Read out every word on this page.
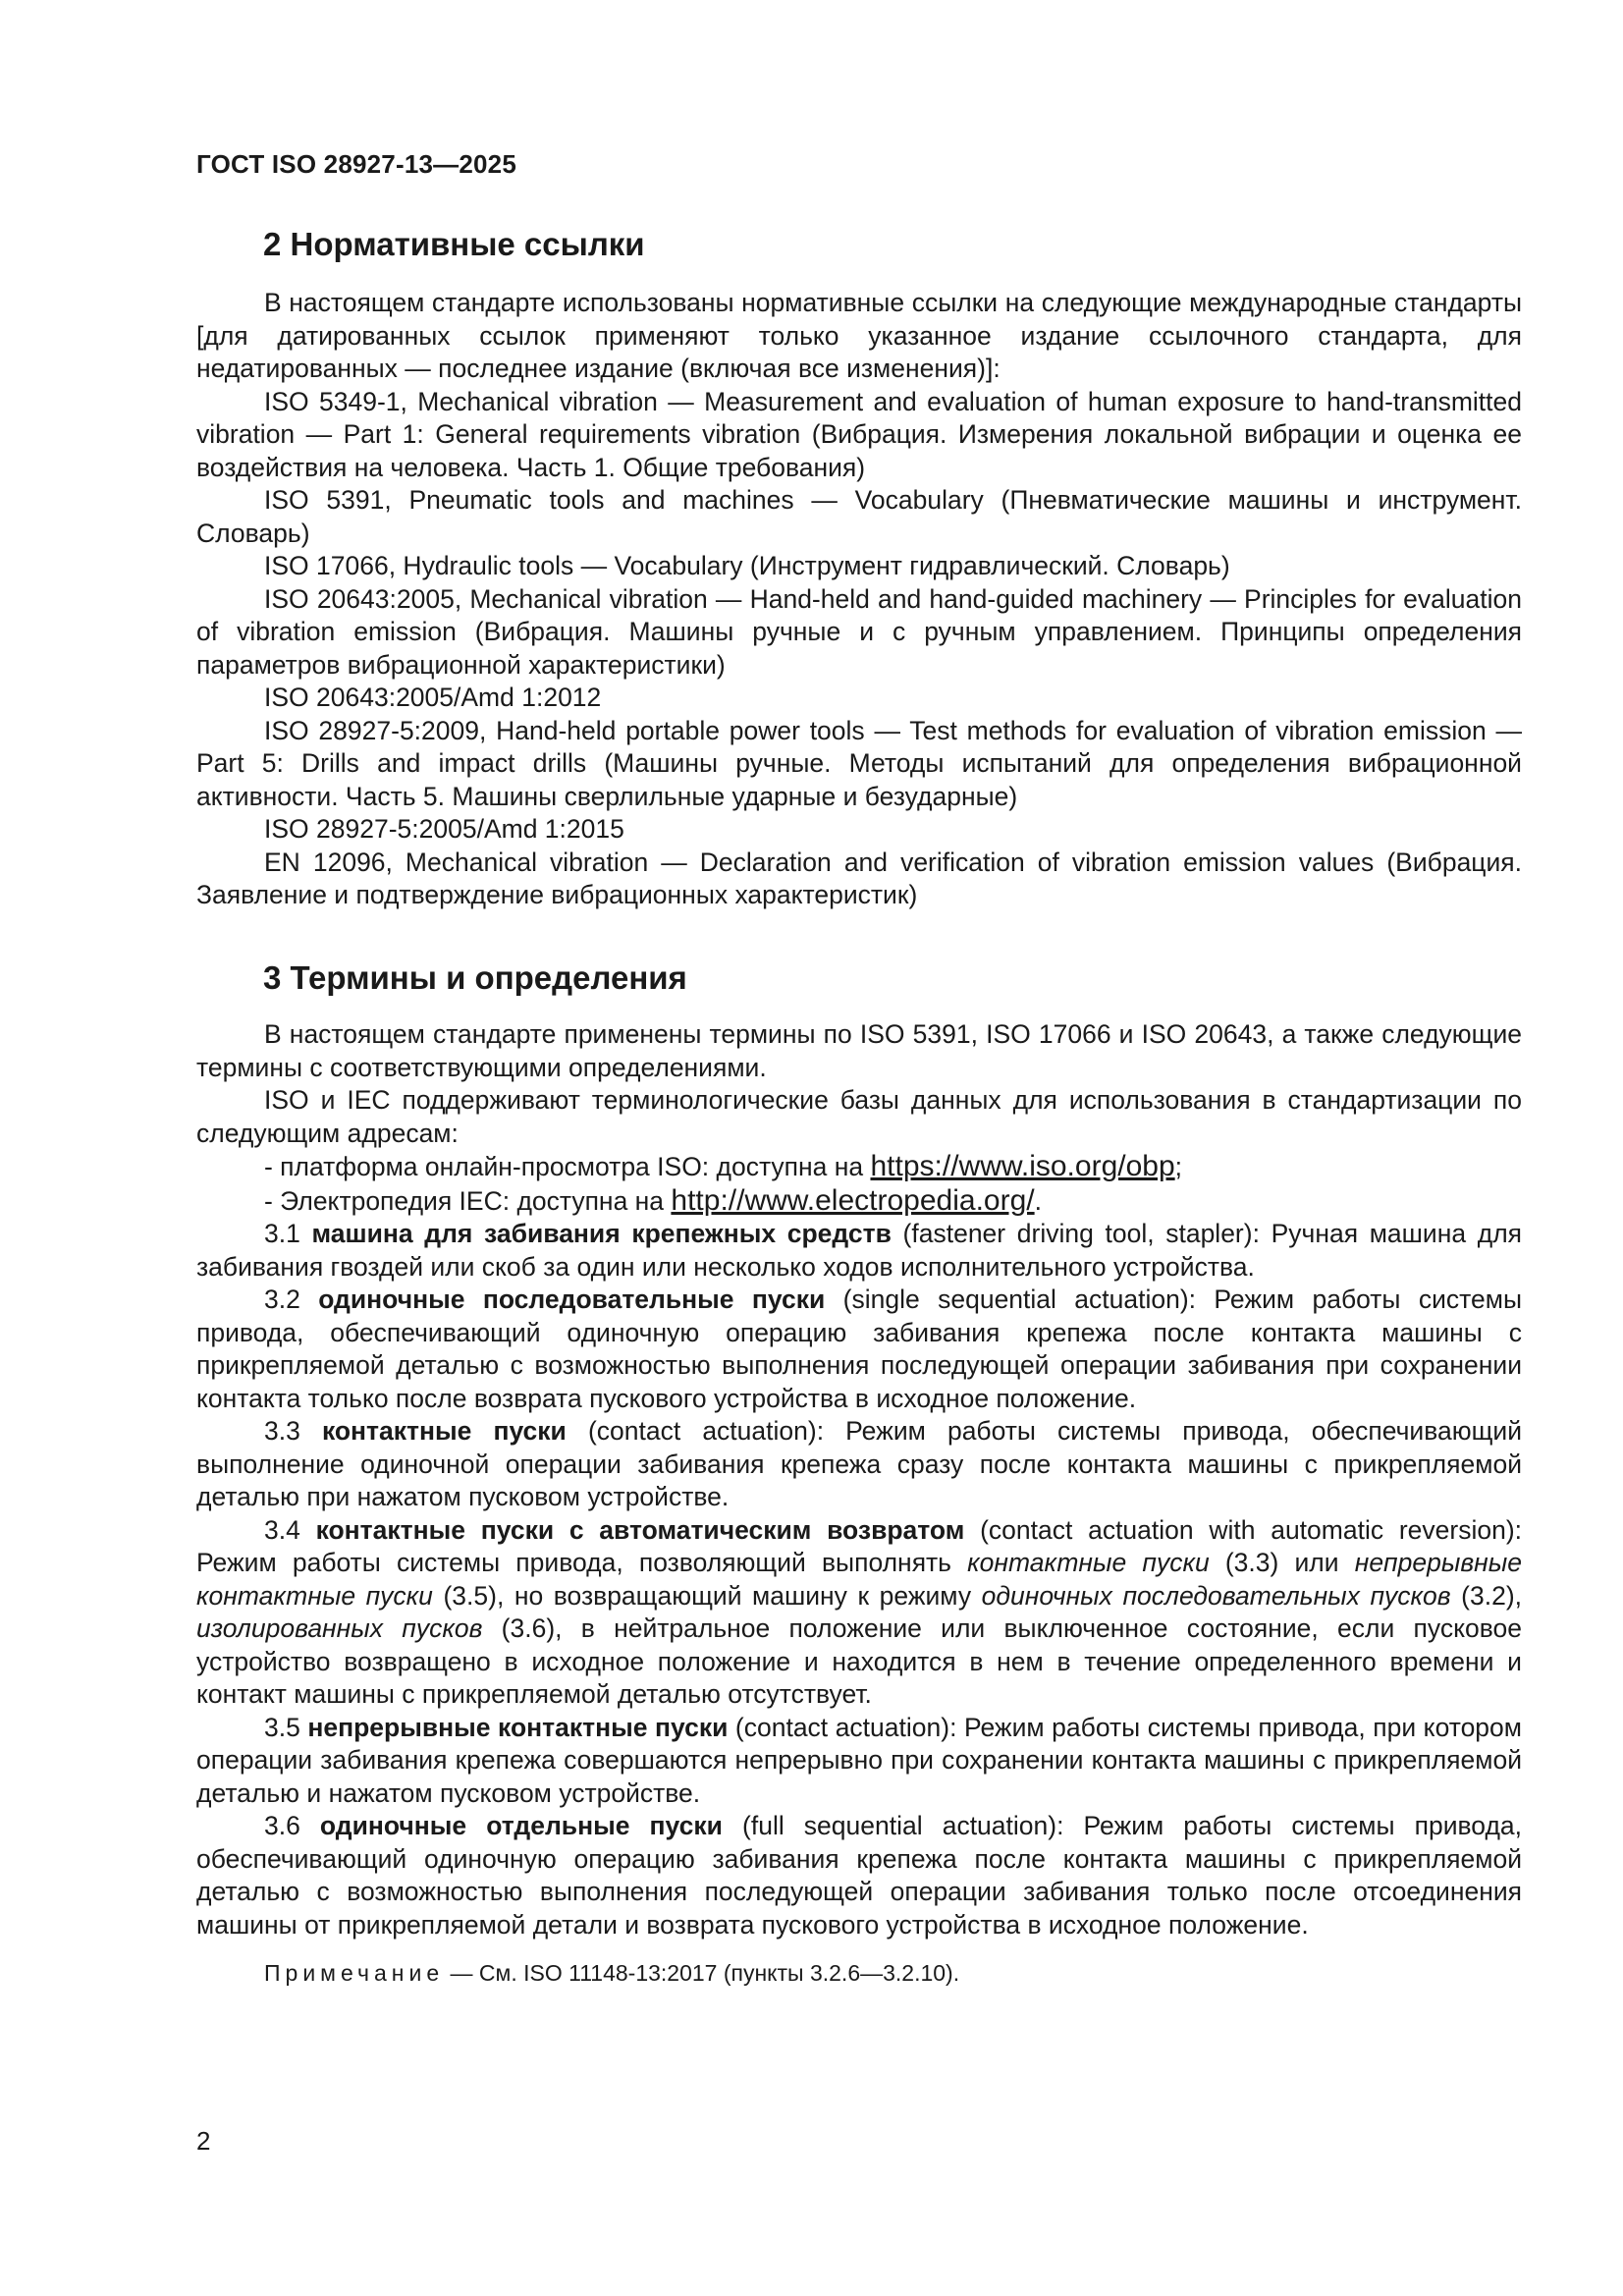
ГОСТ ISO 28927-13—2025
2 Нормативные ссылки

В настоящем стандарте использованы нормативные ссылки на следующие международные стандарты [для датированных ссылок применяют только указанное издание ссылочного стандарта, для недатированных — последнее издание (включая все изменения)]:

ISO 5349-1, Mechanical vibration — Measurement and evaluation of human exposure to hand-transmitted vibration — Part 1: General requirements vibration (Вибрация. Измерения локальной вибрации и оценка ее воздействия на человека. Часть 1. Общие требования)

ISO 5391, Pneumatic tools and machines — Vocabulary (Пневматические машины и инструмент. Словарь)

ISO 17066, Hydraulic tools — Vocabulary (Инструмент гидравлический. Словарь)

ISO 20643:2005, Mechanical vibration — Hand-held and hand-guided machinery — Principles for evaluation of vibration emission (Вибрация. Машины ручные и с ручным управлением. Принципы определения параметров вибрационной характеристики)

ISO 20643:2005/Amd 1:2012

ISO 28927-5:2009, Hand-held portable power tools — Test methods for evaluation of vibration emission — Part 5: Drills and impact drills (Машины ручные. Методы испытаний для определения вибрационной активности. Часть 5. Машины сверлильные ударные и безударные)

ISO 28927-5:2005/Amd 1:2015

EN 12096, Mechanical vibration — Declaration and verification of vibration emission values (Вибрация. Заявление и подтверждение вибрационных характеристик)

3 Термины и определения

В настоящем стандарте применены термины по ISO 5391, ISO 17066 и ISO 20643, а также следующие термины с соответствующими определениями.

ISO и IEC поддерживают терминологические базы данных для использования в стандартизации по следующим адресам:

- платформа онлайн-просмотра ISO: доступна на https://www.iso.org/obp;

- Электропедия IEC: доступна на http://www.electropedia.org/.

3.1 машина для забивания крепежных средств (fastener driving tool, stapler): Ручная машина для забивания гвоздей или скоб за один или несколько ходов исполнительного устройства.

3.2 одиночные последовательные пуски (single sequential actuation): Режим работы системы привода, обеспечивающий одиночную операцию забивания крепежа после контакта машины с прикрепляемой деталью с возможностью выполнения последующей операции забивания при сохранении контакта только после возврата пускового устройства в исходное положение.

3.3 контактные пуски (contact actuation): Режим работы системы привода, обеспечивающий выполнение одиночной операции забивания крепежа сразу после контакта машины с прикрепляемой деталью при нажатом пусковом устройстве.

3.4 контактные пуски с автоматическим возвратом (contact actuation with automatic reversion): Режим работы системы привода, позволяющий выполнять контактные пуски (3.3) или непрерывные контактные пуски (3.5), но возвращающий машину к режиму одиночных последовательных пусков (3.2), изолированных пусков (3.6), в нейтральное положение или выключенное состояние, если пусковое устройство возвращено в исходное положение и находится в нем в течение определенного времени и контакт машины с прикрепляемой деталью отсутствует.

3.5 непрерывные контактные пуски (contact actuation): Режим работы системы привода, при котором операции забивания крепежа совершаются непрерывно при сохранении контакта машины с прикрепляемой деталью и нажатом пусковом устройстве.

3.6 одиночные отдельные пуски (full sequential actuation): Режим работы системы привода, обеспечивающий одиночную операцию забивания крепежа после контакта машины с прикрепляемой деталью с возможностью выполнения последующей операции забивания только после отсоединения машины от прикрепляемой детали и возврата пускового устройства в исходное положение.

Примечание — См. ISO 11148-13:2017 (пункты 3.2.6—3.2.10).
2
